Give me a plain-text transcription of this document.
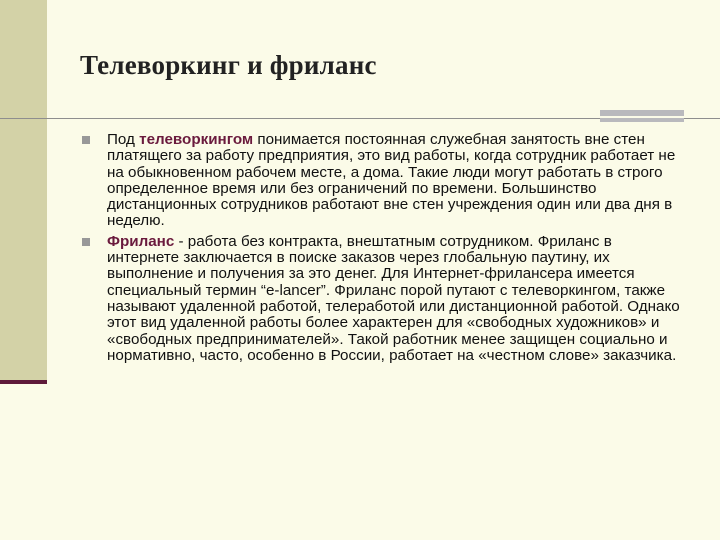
Телеворкинг и фриланс
Под телеворкингом понимается постоянная служебная занятость вне стен платящего за работу предприятия, это вид работы, когда сотрудник работает не на обыкновенном рабочем месте, а дома. Такие люди могут работать в строго определенное время или без ограничений по времени. Большинство дистанционных сотрудников работают вне стен учреждения один или два дня в неделю.
Фриланс - работа без контракта, внештатным сотрудником. Фриланс в интернете заключается в поиске заказов через глобальную паутину, их выполнение и получения за это денег. Для Интернет-фрилансера имеется специальный термин “e-lancer”. Фриланс порой путают с телеворкингом, также называют удаленной работой, телеработой или дистанционной работой. Однако этот вид удаленной работы более характерен для «свободных художников» и «свободных предпринимателей». Такой работник менее защищен социально и нормативно, часто, особенно в России, работает на «честном слове» заказчика.
